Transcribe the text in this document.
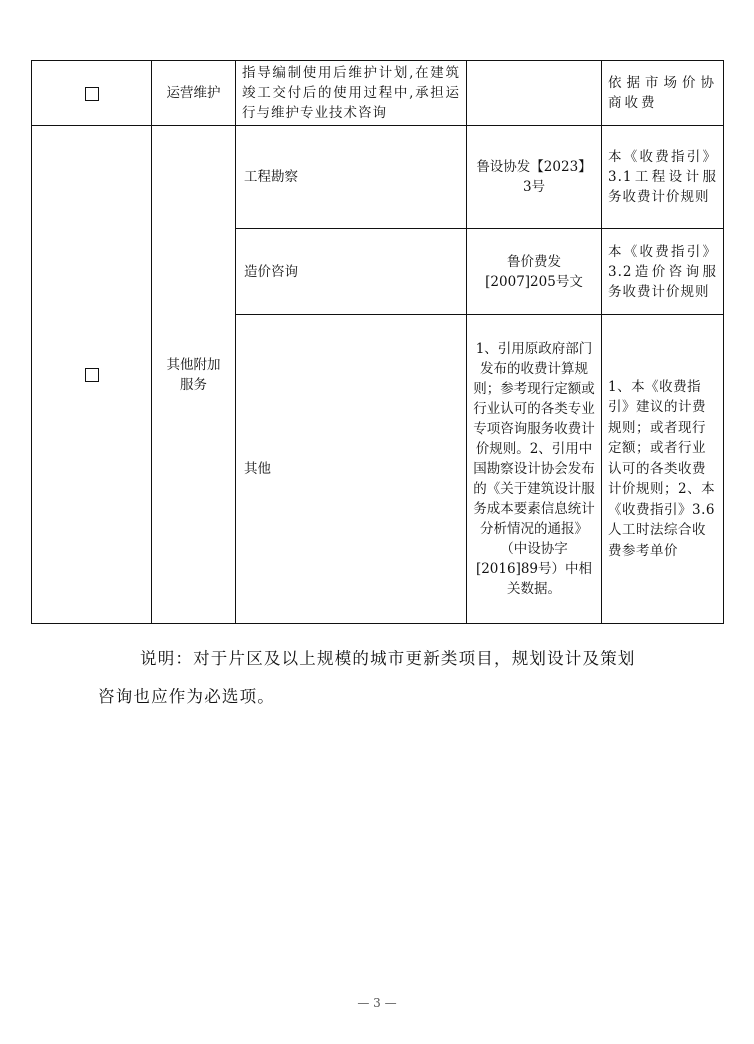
	运营维护	指导编制使用后维护计划,在建筑竣工交付后的使用过程中,承担运行与维护专业技术咨询		依据市场价协商收费
	其他附加服务	工程勘察	鲁设协发【2023】3号	本《收费指引》3.1工程设计服务收费计价规则
		造价咨询	鲁价费发[2007]205号文	本《收费指引》3.2造价咨询服务收费计价规则
		其他	1、引用原政府部门发布的收费计算规则；参考现行定额或行业认可的各类专业专项咨询服务收费计价规则。2、引用中国勘察设计协会发布的《关于建筑设计服务成本要素信息统计分析情况的通报》（中设协字[2016]89号）中相关数据。	1、本《收费指引》建议的计费规则；或者现行定额；或者行业认可的各类收费计价规则；2、本《收费指引》3.6人工时法综合收费参考单价
说明：对于片区及以上规模的城市更新类项目，规划设计及策划
咨询也应作为必选项。
— 3 —
